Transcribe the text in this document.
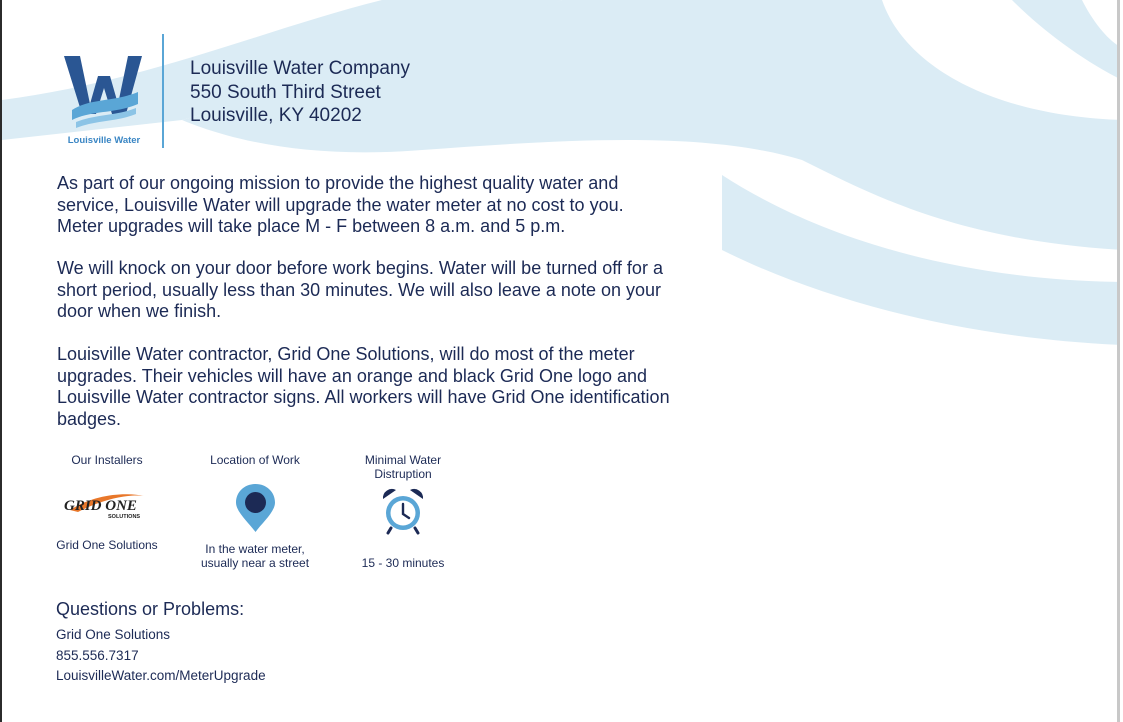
Louisville Water
Louisville Water Company
550 South Third Street
Louisville, KY 40202
As part of our ongoing mission to provide the highest quality water and
service, Louisville Water will upgrade the water meter at no cost to you.
Meter upgrades will take place M - F between 8 a.m. and 5 p.m.
We will knock on your door before work begins. Water will be turned off for a
short period, usually less than 30 minutes. We will also leave a note on your
door when we finish.
Louisville Water contractor, Grid One Solutions, will do most of the meter
upgrades. Their vehicles will have an orange and black Grid One logo and
Louisville Water contractor signs. All workers will have Grid One identification
badges.
Our Installers
GRID ONE
SOLUTIONS
Grid One Solutions
Location of Work
In the water meter,
usually near a street
Minimal Water
Distruption
15 - 30 minutes
Questions or Problems:
Grid One Solutions
855.556.7317
LouisvilleWater.com/MeterUpgrade
